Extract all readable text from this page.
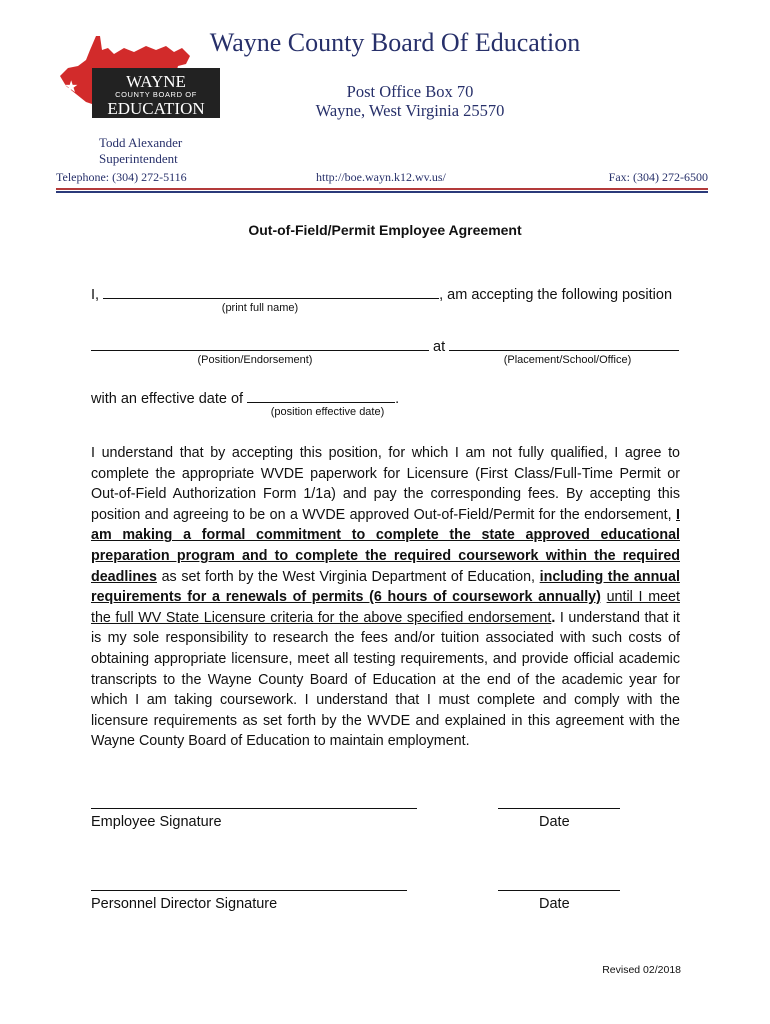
★	WAYNE
COUNTY BOARD OF
EDUCATION
Wayne County Board Of Education
Post Office Box 70
Wayne, West Virginia 25570
Todd Alexander
Superintendent
Telephone: (304) 272-5116	http://boe.wayn.k12.wv.us/	Fax: (304) 272-6500
Out-of-Field/Permit Employee Agreement
I,	, am accepting the following position
(print full name)
at
(Position/Endorsement)	(Placement/School/Office)
with an effective date of	.
(position effective date)
I understand that by accepting this position, for which I am not fully qualified, I agree to complete the appropriate WVDE paperwork for Licensure (First Class/Full-Time Permit or Out-of-Field Authorization Form 1/1a) and pay the corresponding fees. By accepting this position and agreeing to be on a WVDE approved Out-of-Field/Permit for the endorsement, I am making a formal commitment to complete the state approved educational preparation program and to complete the required coursework within the required deadlines as set forth by the West Virginia Department of Education, including the annual requirements for a renewals of permits (6 hours of coursework annually) until I meet the full WV State Licensure criteria for the above specified endorsement. I understand that it is my sole responsibility to research the fees and/or tuition associated with such costs of obtaining appropriate licensure, meet all testing requirements, and provide official academic transcripts to the Wayne County Board of Education at the end of the academic year for which I am taking coursework. I understand that I must complete and comply with the licensure requirements as set forth by the WVDE and explained in this agreement with the Wayne County Board of Education to maintain employment.
Employee Signature	Date
Personnel Director Signature	Date
Revised 02/2018
